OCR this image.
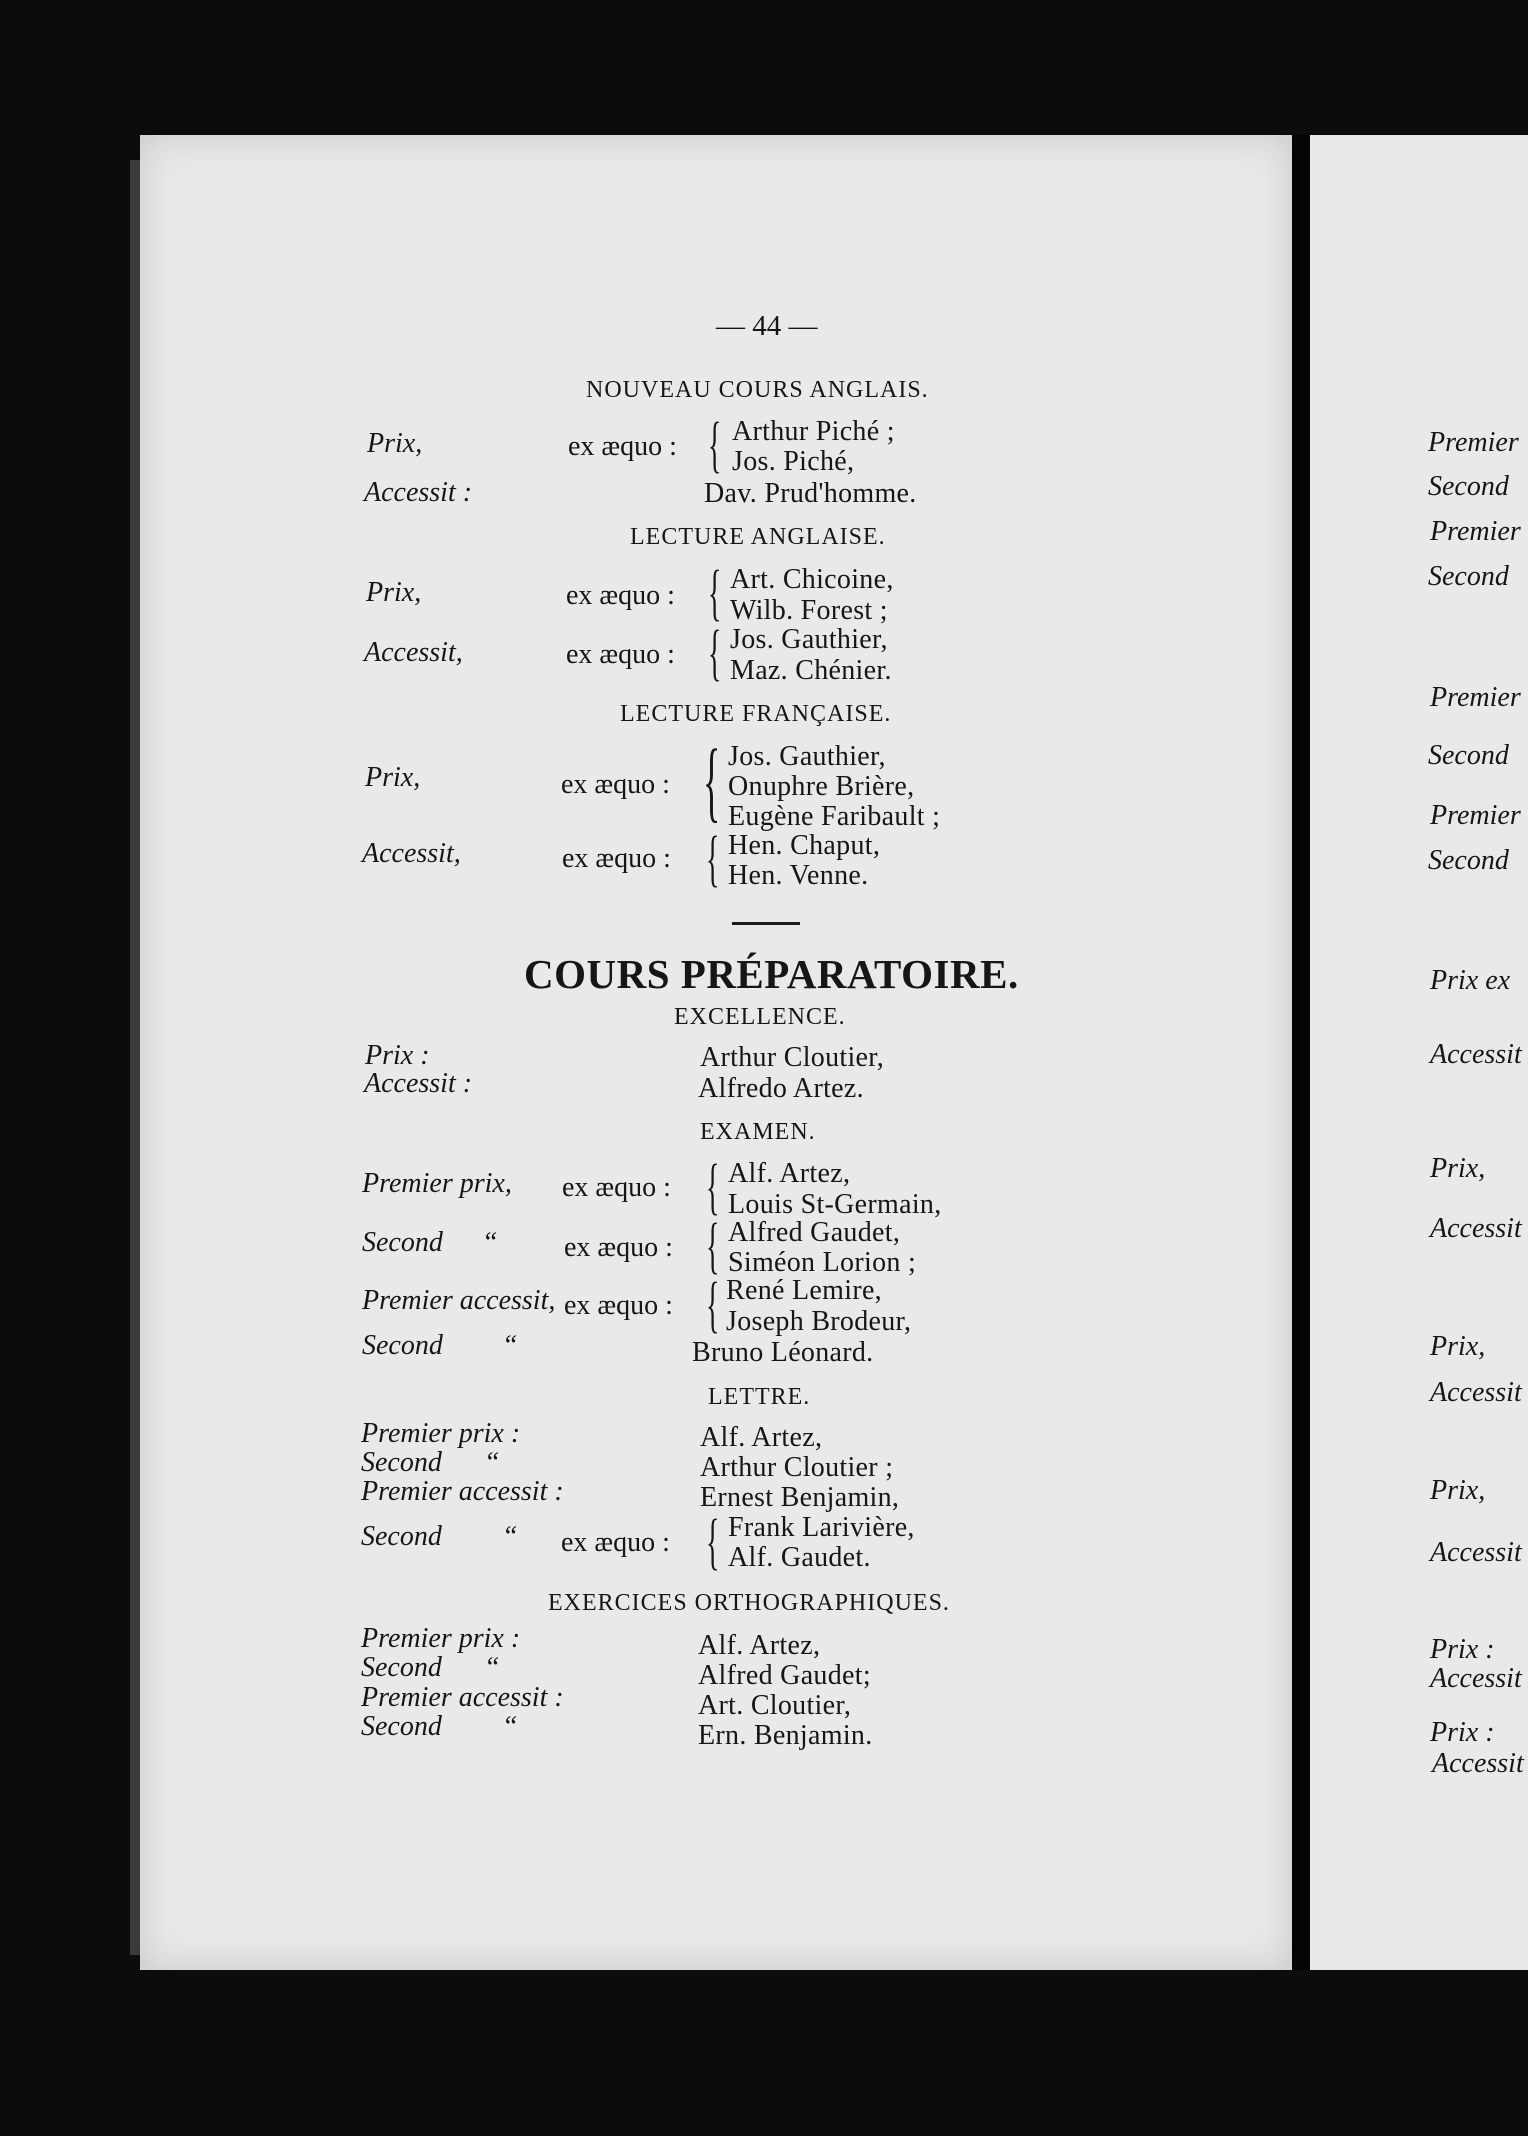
— 44 —
NOUVEAU COURS ANGLAIS.
Prix,	ex æquo : { Arthur Piché ;
Jos. Piché,
Accessit :	Dav. Prud'homme.
LECTURE ANGLAISE.
Prix,	ex æquo : { Art. Chicoine,
Wilb. Forest ;
Accessit,	ex æquo : { Jos. Gauthier,
Maz. Chénier.
LECTURE FRANÇAISE.
Prix,	ex æquo : { Jos. Gauthier,
Onuphre Brière,
Eugène Faribault ;
Accessit,	ex æquo : { Hen. Chaput,
Hen. Venne.
COURS PRÉPARATOIRE.
EXCELLENCE.
Prix :	Arthur Cloutier,
Accessit :	Alfredo Artez.
EXAMEN.
Premier prix, ex æquo : { Alf. Artez,
Louis St-Germain,
Second “ ex æquo : { Alfred Gaudet,
Siméon Lorion ;
Premier accessit, ex æquo : { René Lemire,
Joseph Brodeur,
Second “	Bruno Léonard.
LETTRE.
Premier prix :	Alf. Artez,
Second “	Arthur Cloutier ;
Premier accessit :	Ernest Benjamin,
Second “ ex æquo : { Frank Larivière,
Alf. Gaudet.
EXERCICES ORTHOGRAPHIQUES.
Premier prix :	Alf. Artez,
Second “	Alfred Gaudet;
Premier accessit :	Art. Cloutier,
Second “	Ern. Benjamin.
Premier
Second
Premier
Second
Premier
Second
Premier
Second
Prix ex
Accessit
Prix,
Accessit
Prix,
Accessit
Prix,
Accessit
Prix :
Accessit
Prix :
Accessit
